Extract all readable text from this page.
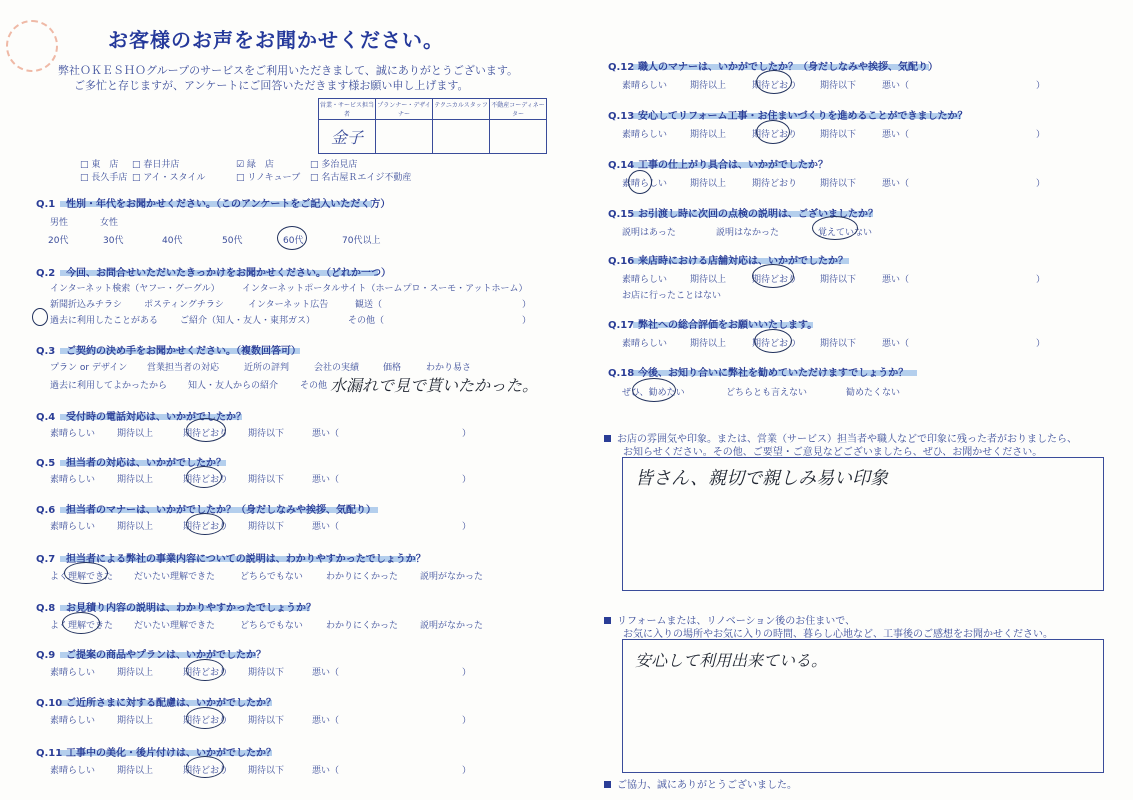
お客様のお声をお聞かせください。
弊社ＯＫＥＳＨＯグループのサービスをご利用いただきまして、誠にありがとうございます。
ご多忙と存じますが、アンケートにご回答いただきます様お願い申し上げます。
営業・サービス担当者	プランナー・デザイナー	テクニカルスタッフ	不動産コーディネーター
金子			
□ 東　店 □ 春日井店	☑ 緑　店	□ 多治見店
□ 長久手店 □ アイ・スタイル	□ リノキューブ □ 名古屋Ｒエイジ不動産
Q.1 性別・年代をお聞かせください。（このアンケートをご記入いただく方）
男性	女性
20代	30代	40代	50代	60代	70代以上
Q.2 今回、お問合せいただいたきっかけをお聞かせください。（どれか一つ）
インターネット検索（ヤフー・グーグル） インターネットポータルサイト（ホームプロ・スーモ・アットホーム）
新聞折込みチラシ ポスティングチラシ	インターネット広告	観送（	）
過去に利用したことがある ご紹介（知人・友人・東邦ガス）	その他（	）
Q.3 ご契約の決め手をお聞かせください。（複数回答可）
プラン or デザイン 営業担当者の対応	近所の評判	会社の実績	価格	わかり易さ
過去に利用してよかったから 知人・友人からの紹介 その他 水漏れで見で貰いたかった。
Q.4 受付時の電話対応は、いかがでしたか？
素晴らしい 期待以上	期待どおり 期待以下	悪い（	）
Q.5 担当者の対応は、いかがでしたか？
素晴らしい 期待以上	期待どおり 期待以下	悪い（	）
Q.6 担当者のマナーは、いかがでしたか？（身だしなみや挨拶、気配り）
素晴らしい 期待以上	期待どおり 期待以下	悪い（	）
Q.7 担当者による弊社の事業内容についての説明は、わかりやすかったでしょうか？
よく理解できた だいたい理解できた	どちらでもない	わかりにくかった 説明がなかった
Q.8 お見積り内容の説明は、わかりやすかったでしょうか？
よく理解できた だいたい理解できた	どちらでもない	わかりにくかった 説明がなかった
Q.9 ご提案の商品やプランは、いかがでしたか？
素晴らしい 期待以上	期待どおり 期待以下	悪い（	）
Q.10 ご近所さまに対する配慮は、いかがでしたか？
素晴らしい 期待以上	期待どおり 期待以下	悪い（	）
Q.11 工事中の美化・後片付けは、いかがでしたか？
素晴らしい 期待以上	期待どおり 期待以下	悪い（	）
Q.12 職人のマナーは、いかがでしたか？（身だしなみや挨拶、気配り）
素晴らしい	期待以上	期待どおり	期待以下	悪い（	）
Q.13 安心してリフォーム工事・お住まいづくりを進めることができましたか？
素晴らしい	期待以上	期待どおり	期待以下	悪い（	）
Q.14 工事の仕上がり具合は、いかがでしたか？
素晴らしい	期待以上	期待どおり	期待以下	悪い（	）
Q.15 お引渡し時に次回の点検の説明は、ございましたか？
説明はあった	説明はなかった	覚えていない
Q.16 来店時における店舗対応は、いかがでしたか？
素晴らしい	期待以上	期待どおり	期待以下	悪い（	）
お店に行ったことはない
Q.17 弊社への総合評価をお願いいたします。
素晴らしい	期待以上	期待どおり	期待以下	悪い（	）
Q.18 今後、お知り合いに弊社を勧めていただけますでしょうか？
ぜひ、勧めたい	どちらとも言えない	勧めたくない
お店の雰囲気や印象。または、営業（サービス）担当者や職人などで印象に残った者がおりましたら、
お知らせください。その他、ご要望・ご意見などございましたら、ぜひ、お聞かせください。
皆さん、親切で親しみ易い印象
リフォームまたは、リノベーション後のお住まいで、
お気に入りの場所やお気に入りの時間、暮らし心地など、工事後のご感想をお聞かせください。
安心して利用出来ている。
ご協力、誠にありがとうございました。
